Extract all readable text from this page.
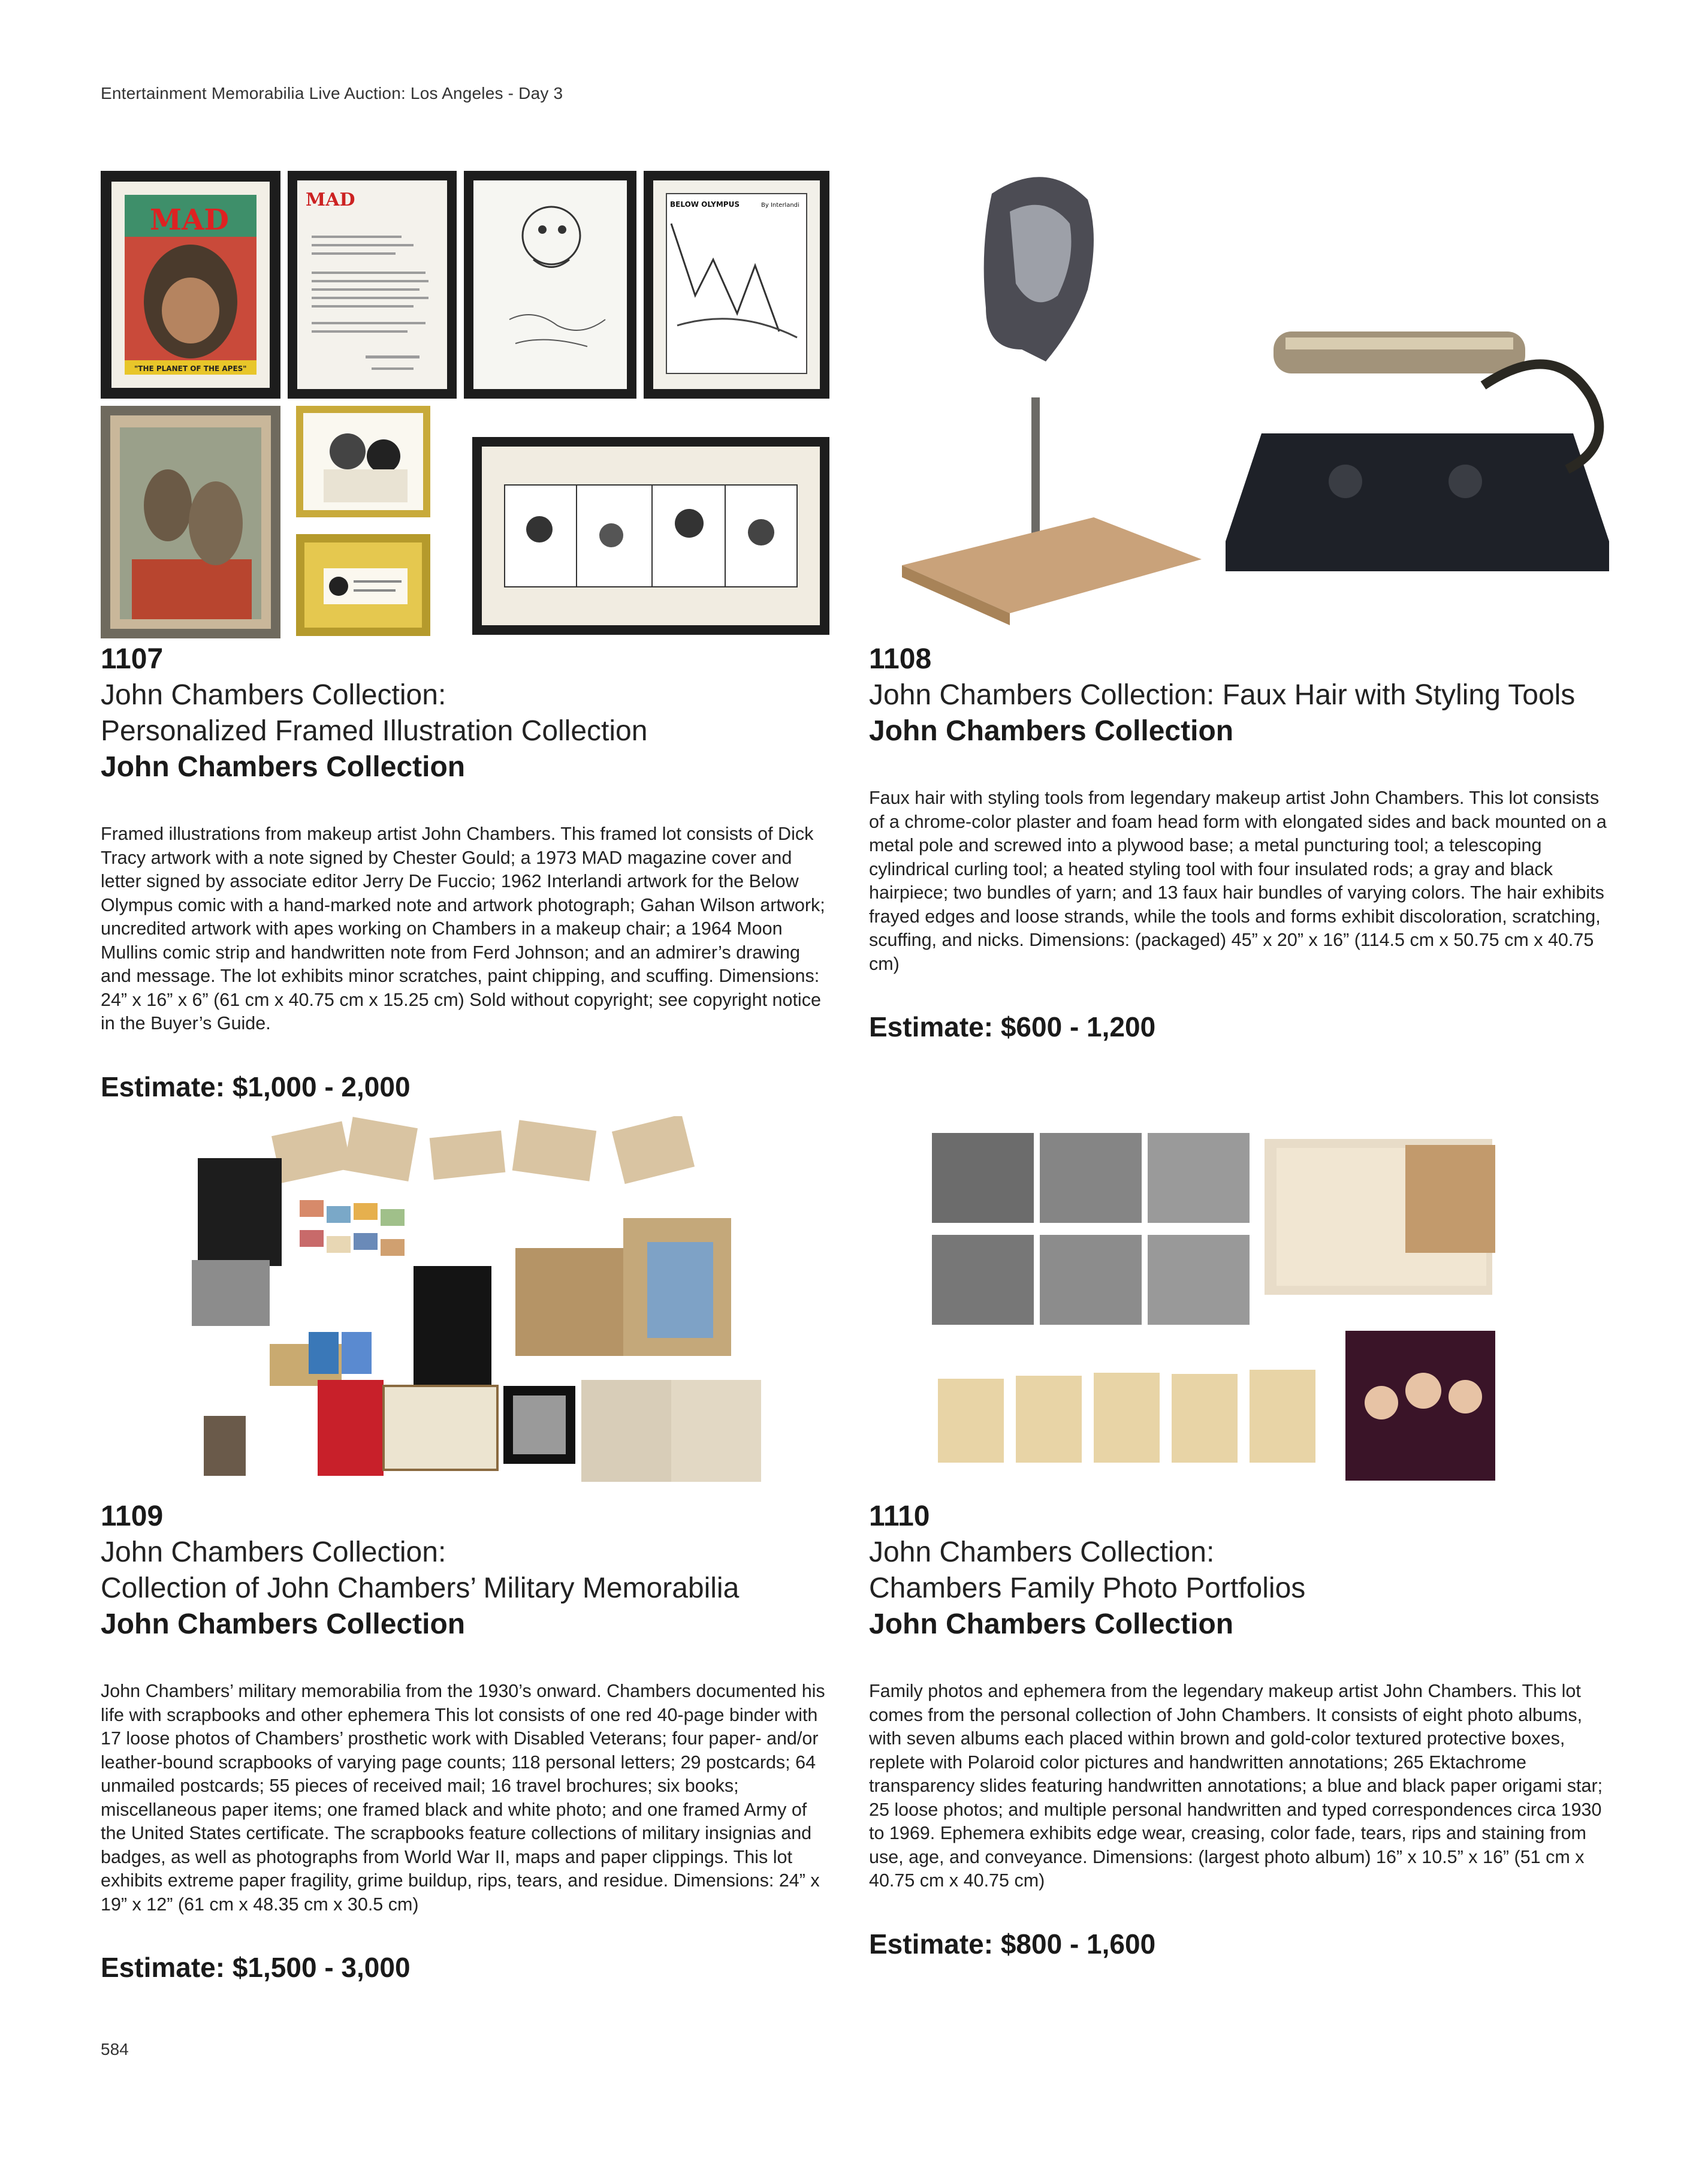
Entertainment Memorabilia Live Auction: Los Angeles - Day 3
MAD
"THE PLANET OF THE APES"
MAD	BELOW OLYMPUS	By Interlandi
1107
John Chambers Collection:
Personalized Framed Illustration Collection
John Chambers Collection
Framed illustrations from makeup artist John Chambers. This framed lot consists of Dick Tracy artwork with a note signed by Chester Gould; a 1973 MAD magazine cover and letter signed by associate editor Jerry De Fuccio; 1962 Interlandi artwork for the Below Olympus comic with a hand-marked note and artwork photograph; Gahan Wilson artwork; uncredited artwork with apes working on Chambers in a makeup chair; a 1964 Moon Mullins comic strip and handwritten note from Ferd Johnson; and an admirer’s drawing and message. The lot exhibits minor scratches, paint chipping, and scuffing. Dimensions: 24” x 16” x 6” (61 cm x 40.75 cm x 15.25 cm) Sold without copyright; see copyright notice in the Buyer’s Guide.
Estimate: $1,000 - 2,000
1108
John Chambers Collection: Faux Hair with Styling Tools
John Chambers Collection
Faux hair with styling tools from legendary makeup artist John Chambers. This lot consists of a chrome-color plaster and foam head form with elongated sides and back mounted on a metal pole and screwed into a plywood base; a metal puncturing tool; a telescoping cylindrical curling tool; a heated styling tool with four insulated rods; a gray and black hairpiece; two bundles of yarn; and 13 faux hair bundles of varying colors. The hair exhibits frayed edges and loose strands, while the tools and forms exhibit discoloration, scratching, scuffing, and nicks. Dimensions: (packaged) 45” x 20” x 16” (114.5 cm x 50.75 cm x 40.75 cm)
Estimate: $600 - 1,200
1109
John Chambers Collection:
Collection of John Chambers’ Military Memorabilia
John Chambers Collection
John Chambers’ military memorabilia from the 1930’s onward. Chambers documented his life with scrapbooks and other ephemera This lot consists of one red 40-page binder with 17 loose photos of Chambers’ prosthetic work with Disabled Veterans; four paper- and/or leather-bound scrapbooks of varying page counts; 118 personal letters; 29 postcards; 64 unmailed postcards; 55 pieces of received mail; 16 travel brochures; six books; miscellaneous paper items; one framed black and white photo; and one framed Army of the United States certificate. The scrapbooks feature collections of military insignias and badges, as well as photographs from World War II, maps and paper clippings. This lot exhibits extreme paper fragility, grime buildup, rips, tears, and residue. Dimensions: 24” x 19” x 12” (61 cm x 48.35 cm x 30.5 cm)
Estimate: $1,500 - 3,000
1110
John Chambers Collection:
Chambers Family Photo Portfolios
John Chambers Collection
Family photos and ephemera from the legendary makeup artist John Chambers. This lot comes from the personal collection of John Chambers. It consists of eight photo albums, with seven albums each placed within brown and gold-color textured protective boxes, replete with Polaroid color pictures and handwritten annotations; 265 Ektachrome transparency slides featuring handwritten annotations; a blue and black paper origami star; 25 loose photos; and multiple personal handwritten and typed correspondences circa 1930 to 1969. Ephemera exhibits edge wear, creasing, color fade, tears, rips and staining from use, age, and conveyance. Dimensions: (largest photo album) 16” x 10.5” x 16” (51 cm x 40.75 cm x 40.75 cm)
Estimate: $800 - 1,600
584
